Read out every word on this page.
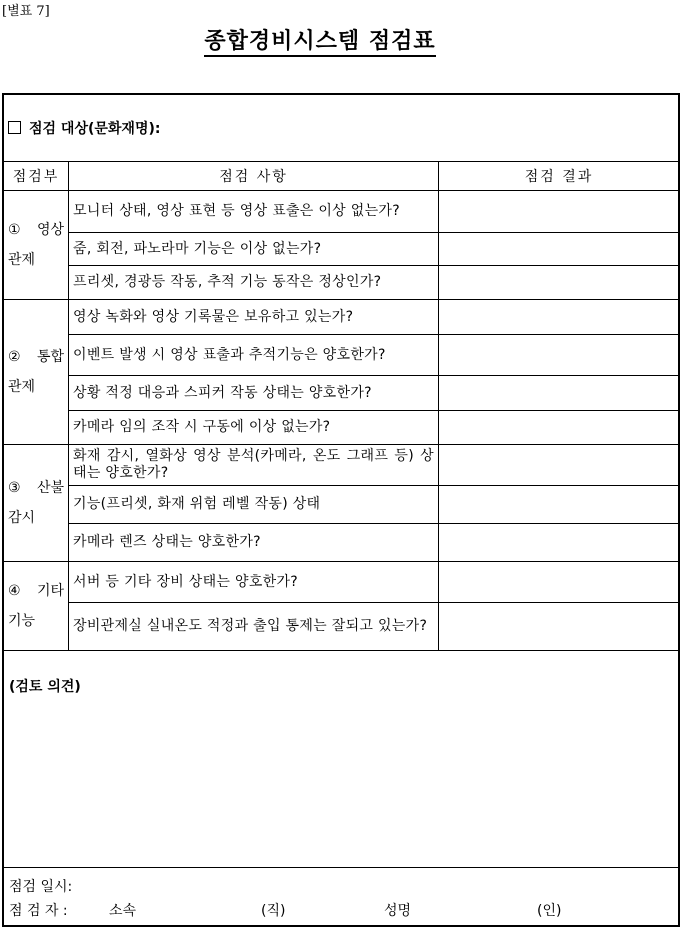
[별표 7]
종합경비시스템 점검표
점검 대상(문화재명):
점검부	점검 사항	점검 결과
① 영상관제	모니터 상태, 영상 표현 등 영상 표출은 이상 없는가?	
	줌, 회전, 파노라마 기능은 이상 없는가?	
	프리셋, 경광등 작동, 추적 기능 동작은 정상인가?	
② 통합관제	영상 녹화와 영상 기록물은 보유하고 있는가?	
	이벤트 발생 시 영상 표출과 추적기능은 양호한가?	
	상황 적정 대응과 스피커 작동 상태는 양호한가?	
	카메라 임의 조작 시 구동에 이상 없는가?	
③ 산불감시	화재 감시, 열화상 영상 분석(카메라, 온도 그래프 등) 상태는 양호한가?	
	기능(프리셋, 화재 위험 레벨 작동) 상태	
	카메라 렌즈 상태는 양호한가?	
④ 기타기능	서버 등 기타 장비 상태는 양호한가?	
	장비관제실 실내온도 적정과 출입 통제는 잘되고 있는가?	
(검토 의견)
점검 일시:
점 검 자 :	소속	(직)	성명	(인)
